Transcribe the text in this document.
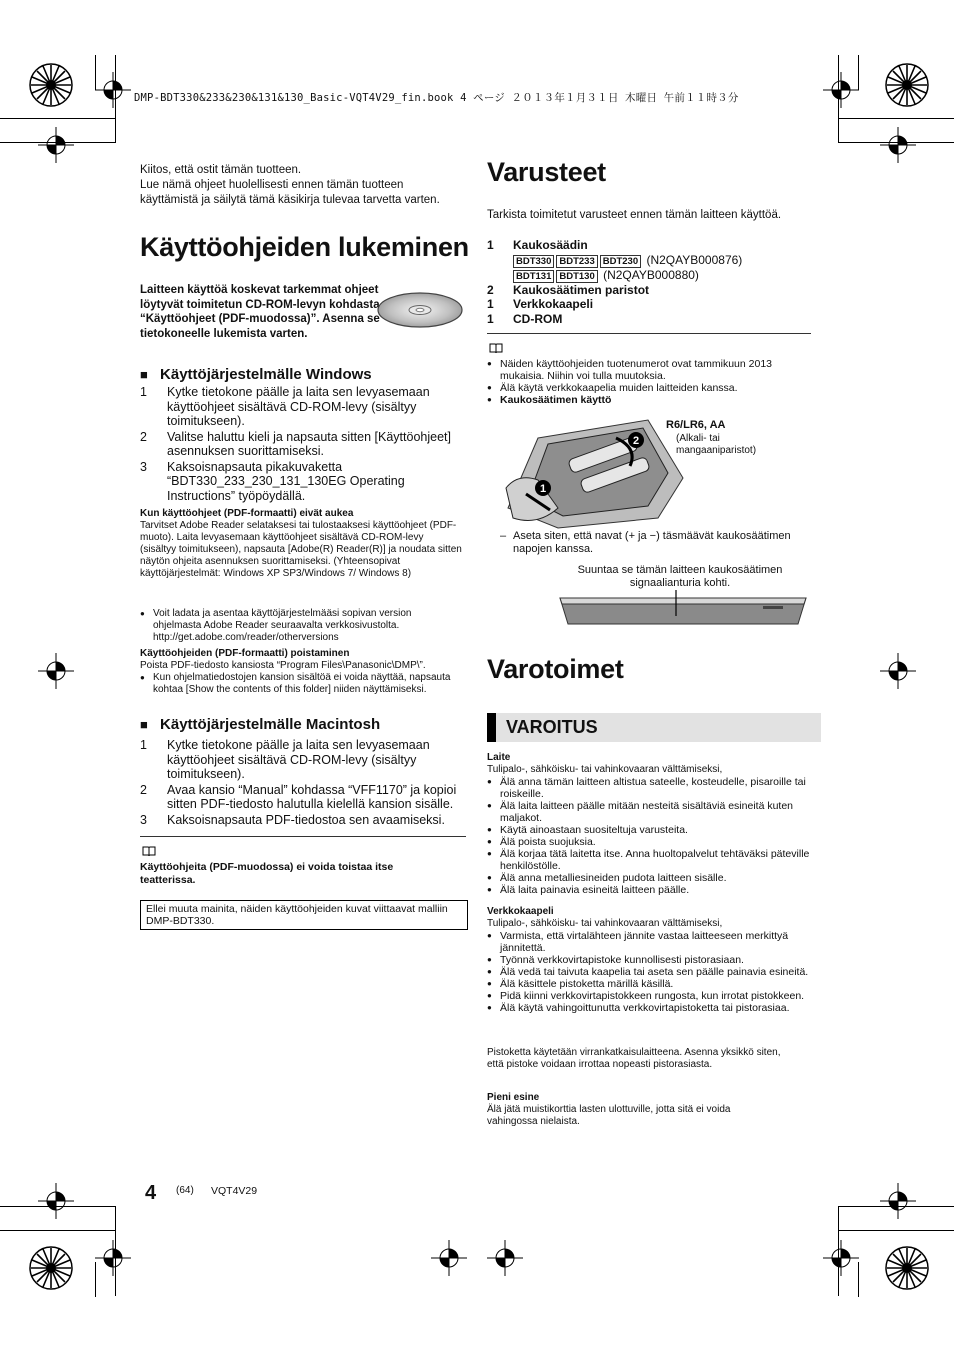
DMP-BDT330&233&230&131&130_Basic-VQT4V29_fin.book 4 ページ ２０１３年１月３１日 木曜日 午前１１時３分
Kiitos, että ostit tämän tuotteen.
Lue nämä ohjeet huolellisesti ennen tämän tuotteen käyttämistä ja säilytä tämä käsikirja tulevaa tarvetta varten.
Käyttöohjeiden lukeminen
Laitteen käyttöä koskevat tarkemmat ohjeet löytyvät toimitetun CD-ROM-levyn kohdasta “Käyttöohjeet (PDF-muodossa)”. Asenna se tietokoneelle lukemista varten.
■ Käyttöjärjestelmälle Windows
1 Kytke tietokone päälle ja laita sen levyasemaan käyttöohjeet sisältävä CD-ROM-levy (sisältyy toimitukseen).
2 Valitse haluttu kieli ja napsauta sitten [Käyttöohjeet] asennuksen suorittamiseksi.
3 Kaksoisnapsauta pikakuvaketta “BDT330_233_230_131_130EG Operating Instructions” työpöydällä.
Kun käyttöohjeet (PDF-formaatti) eivät aukea
Tarvitset Adobe Reader selataksesi tai tulostaaksesi käyttöohjeet (PDF-muoto). Laita levyasemaan käyttöohjeet sisältävä CD-ROM-levy (sisältyy toimitukseen), napsauta [Adobe(R) Reader(R)] ja noudata sitten näytön ohjeita asennuksen suorittamiseksi. (Yhteensopivat käyttöjärjestelmät: Windows XP SP3/Windows 7/ Windows 8)
● Voit ladata ja asentaa käyttöjärjestelmääsi sopivan version ohjelmasta Adobe Reader seuraavalta verkkosivustolta. http://get.adobe.com/reader/otherversions
Käyttöohjeiden (PDF-formaatti) poistaminen
Poista PDF-tiedosto kansiosta “Program Files\Panasonic\DMP\”.
● Kun ohjelmatiedostojen kansion sisältöä ei voida näyttää, napsauta kohtaa [Show the contents of this folder] niiden näyttämiseksi.
■ Käyttöjärjestelmälle Macintosh
1 Kytke tietokone päälle ja laita sen levyasemaan käyttöohjeet sisältävä CD-ROM-levy (sisältyy toimitukseen).
2 Avaa kansio “Manual” kohdassa “VFF1170” ja kopioi sitten PDF-tiedosto halutulla kielellä kansion sisälle.
3 Kaksoisnapsauta PDF-tiedostoa sen avaamiseksi.
Käyttöohjeita (PDF-muodossa) ei voida toistaa itse teatterissa.
Ellei muuta mainita, näiden käyttöohjeiden kuvat viittaavat malliin DMP-BDT330.
Varusteet
Tarkista toimitetut varusteet ennen tämän laitteen käyttöä.
1 Kaukosäädin
BDT330 BDT233 BDT230 (N2QAYB000876)
BDT131 BDT130 (N2QAYB000880)
2 Kaukosäätimen paristot
1 Verkkokaapeli
1 CD-ROM
● Näiden käyttöohjeiden tuotenumerot ovat tammikuun 2013 mukaisia. Niihin voi tulla muutoksia.
● Älä käytä verkkokaapelia muiden laitteiden kanssa.
● Kaukosäätimen käyttö
2
1
R6/LR6, AA
(Alkali- tai mangaaniparistot)
– Aseta siten, että navat (+ ja −) täsmäävät kaukosäätimen napojen kanssa.
Suuntaa se tämän laitteen kaukosäätimen signaalianturia kohti.
Varotoimet
VAROITUS
Laite
Tulipalo-, sähköisku- tai vahinkovaaran välttämiseksi,
● Älä anna tämän laitteen altistua sateelle, kosteudelle, pisaroille tai roiskeille.
● Älä laita laitteen päälle mitään nesteitä sisältäviä esineitä kuten maljakot.
● Käytä ainoastaan suositeltuja varusteita.
● Älä poista suojuksia.
● Älä korjaa tätä laitetta itse. Anna huoltopalvelut tehtäväksi päteville henkilöstölle.
● Älä anna metalliesineiden pudota laitteen sisälle.
● Älä laita painavia esineitä laitteen päälle.
Verkkokaapeli
Tulipalo-, sähköisku- tai vahinkovaaran välttämiseksi,
● Varmista, että virtalähteen jännite vastaa laitteeseen merkittyä jännitettä.
● Työnnä verkkovirtapistoke kunnollisesti pistorasiaan.
● Älä vedä tai taivuta kaapelia tai aseta sen päälle painavia esineitä.
● Älä käsittele pistoketta märillä käsillä.
● Pidä kiinni verkkovirtapistokkeen rungosta, kun irrotat pistokkeen.
● Älä käytä vahingoittunutta verkkovirtapistoketta tai pistorasiaa.
Pistoketta käytetään virrankatkaisulaitteena. Asenna yksikkö siten, että pistoke voidaan irrottaa nopeasti pistorasiasta.
Pieni esine
Älä jätä muistikorttia lasten ulottuville, jotta sitä ei voida vahingossa nielaista.
4 (64) VQT4V29
